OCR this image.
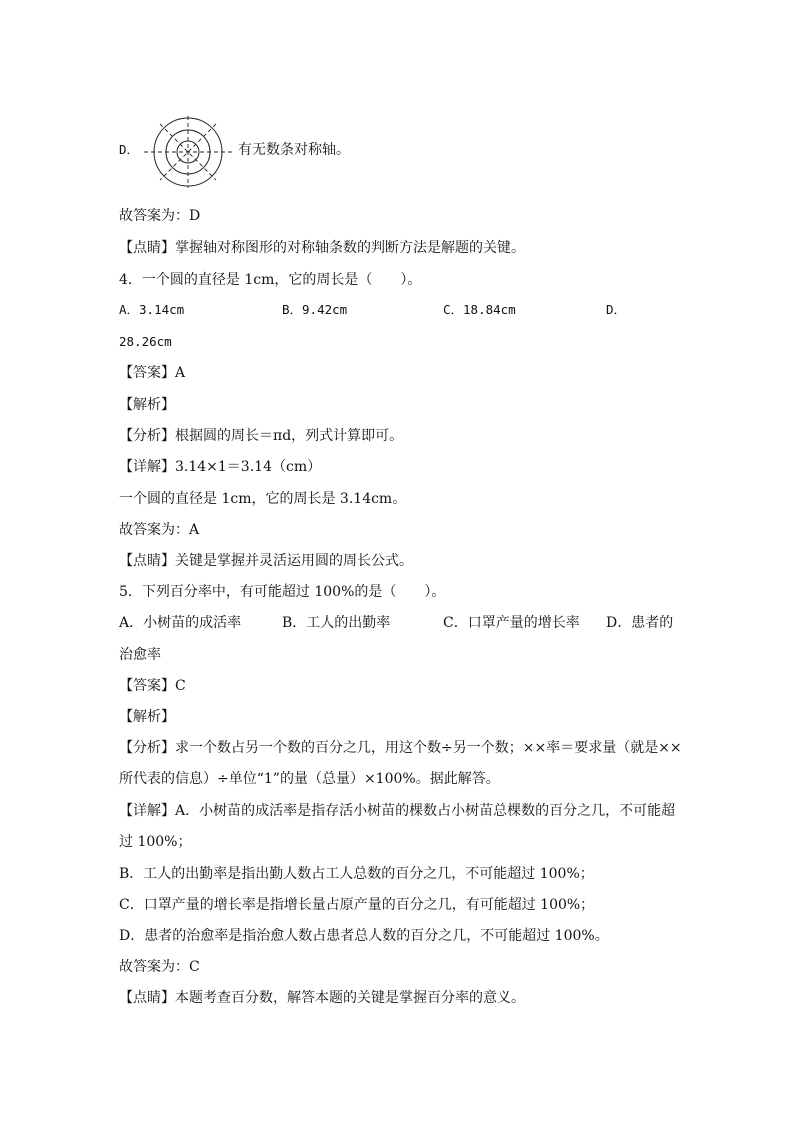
D．	有无数条对称轴。
故答案为：D
【点睛】掌握轴对称图形的对称轴条数的判断方法是解题的关键。
4．一个圆的直径是 1cm，它的周长是（　　）。
A．3.14cm	B．9.42cm	C．18.84cm	D．
28.26cm
【答案】A
【解析】
【分析】根据圆的周长＝πd，列式计算即可。
【详解】3.14×1＝3.14（cm）
一个圆的直径是 1cm，它的周长是 3.14cm。
故答案为：A
【点睛】关键是掌握并灵活运用圆的周长公式。
5．下列百分率中，有可能超过 100%的是（　　）。
A．小树苗的成活率	B．工人的出勤率	C．口罩产量的增长率 D．患者的
治愈率
【答案】C
【解析】
【分析】求一个数占另一个数的百分之几，用这个数÷另一个数；××率＝要求量（就是××
所代表的信息）÷单位“1”的量（总量）×100%。据此解答。
【详解】A．小树苗的成活率是指存活小树苗的棵数占小树苗总棵数的百分之几，不可能超
过 100%；
B．工人的出勤率是指出勤人数占工人总数的百分之几，不可能超过 100%；
C．口罩产量的增长率是指增长量占原产量的百分之几，有可能超过 100%；
D．患者的治愈率是指治愈人数占患者总人数的百分之几，不可能超过 100%。
故答案为：C
【点睛】本题考查百分数，解答本题的关键是掌握百分率的意义。
